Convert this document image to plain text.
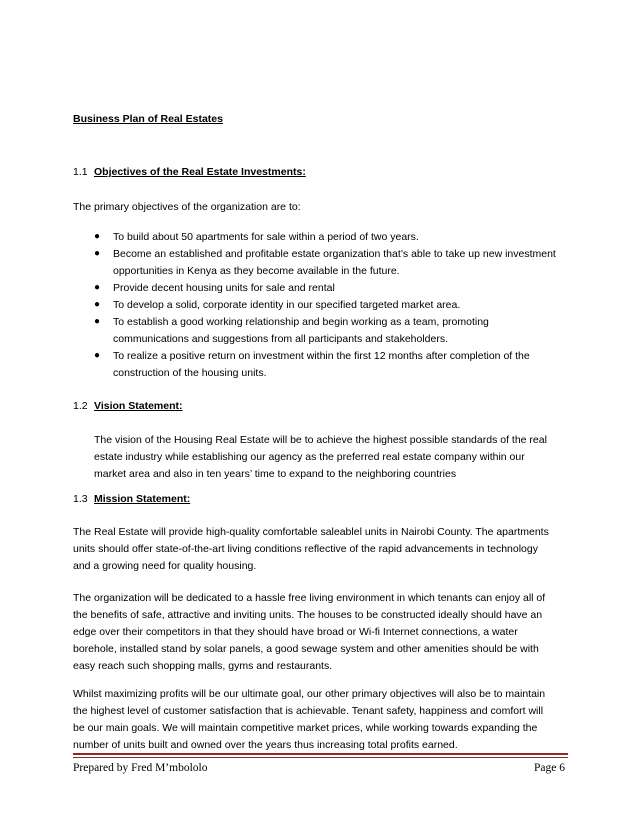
Business Plan of Real Estates
1.1 Objectives of the Real Estate Investments:
The primary objectives of the organization are to:
● To build about 50 apartments for sale within a period of two years.
● Become an established and profitable estate organization that’s able to take up new investment
opportunities in Kenya as they become available in the future.
● Provide decent housing units for sale and rental
● To develop a solid, corporate identity in our specified targeted market area.
● To establish a good working relationship and begin working as a team, promoting
communications and suggestions from all participants and stakeholders.
● To realize a positive return on investment within the first 12 months after completion of the
construction of the housing units.
1.2 Vision Statement:
The vision of the Housing Real Estate will be to achieve the highest possible standards of the real
estate industry while establishing our agency as the preferred real estate company within our
market area and also in ten years’ time to expand to the neighboring countries
1.3 Mission Statement:
The Real Estate will provide high-quality comfortable saleablel units in Nairobi County. The apartments
units should offer state-of-the-art living conditions reflective of the rapid advancements in technology
and a growing need for quality housing.
The organization will be dedicated to a hassle free living environment in which tenants can enjoy all of
the benefits of safe, attractive and inviting units. The houses to be constructed ideally should have an
edge over their competitors in that they should have broad or Wi-fi Internet connections, a water
borehole, installed stand by solar panels, a good sewage system and other amenities should be with
easy reach such shopping malls, gyms and restaurants.
Whilst maximizing profits will be our ultimate goal, our other primary objectives will also be to maintain
the highest level of customer satisfaction that is achievable. Tenant safety, happiness and comfort will
be our main goals. We will maintain competitive market prices, while working towards expanding the
number of units built and owned over the years thus increasing total profits earned.
Prepared by Fred M’mbololo	Page 6
